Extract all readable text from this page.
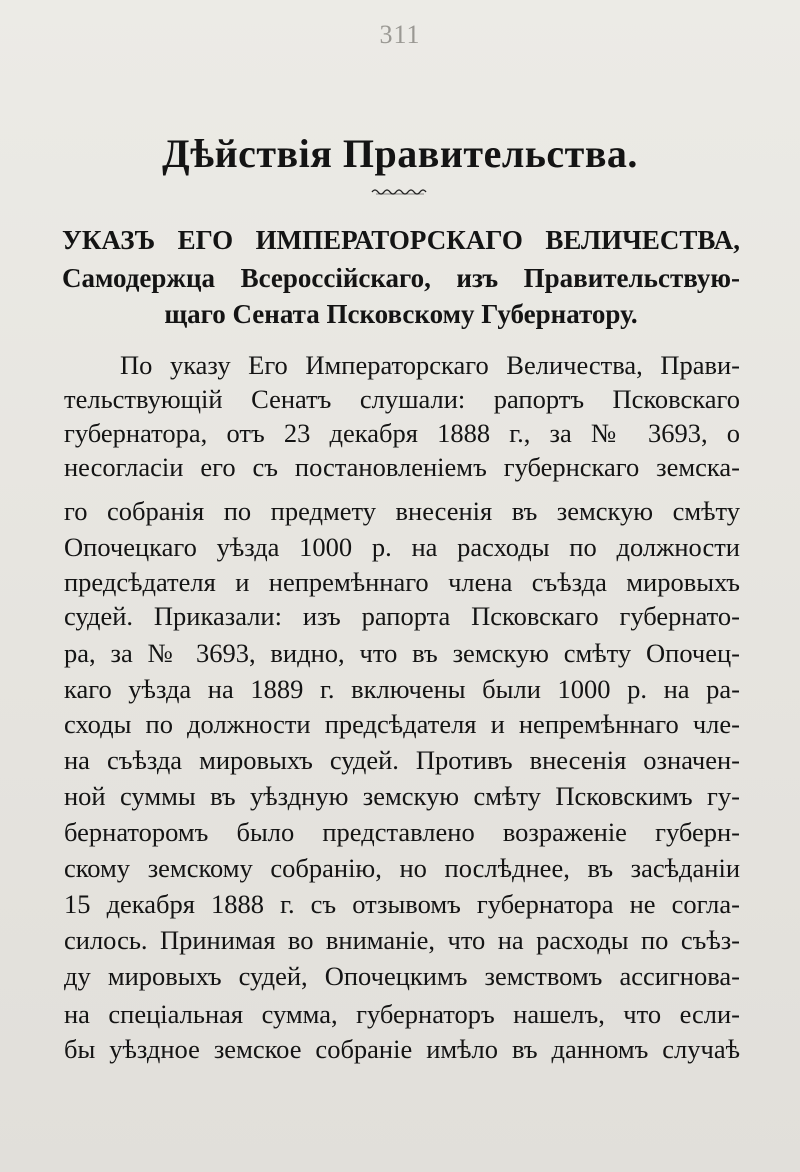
311
Дѣйствія Правительства.
УКАЗЪ ЕГО ИМПЕРАТОРСКАГО ВЕЛИЧЕСТВА,
Самодержца Всероссійскаго, изъ Правительствую-
щаго Сената Псковскому Губернатору.
По указу Его Императорскаго Величества, Прави-
тельствующій Сенатъ слушали: рапортъ Псковскаго
губернатора, отъ 23 декабря 1888 г., за № 3693, о
несогласіи его съ постановленіемъ губернскаго земска-
го собранія по предмету внесенія въ земскую смѣту
Опочецкаго уѣзда 1000 р. на расходы по должности
предсѣдателя и непремѣннаго члена съѣзда мировыхъ
судей. Приказали: изъ рапорта Псковскаго губернато-
ра, за № 3693, видно, что въ земскую смѣту Опочец-
каго уѣзда на 1889 г. включены были 1000 р. на ра-
сходы по должности предсѣдателя и непремѣннаго чле-
на съѣзда мировыхъ судей. Противъ внесенія означен-
ной суммы въ уѣздную земскую смѣту Псковскимъ гу-
бернаторомъ было представлено возраженіе губерн-
скому земскому собранію, но послѣднее, въ засѣданіи
15 декабря 1888 г. съ отзывомъ губернатора не согла-
силось. Принимая во вниманіе, что на расходы по съѣз-
ду мировыхъ судей, Опочецкимъ земствомъ ассигнова-
на спеціальная сумма, губернаторъ нашелъ, что если-
бы уѣздное земское собраніе имѣло въ данномъ случаѣ
